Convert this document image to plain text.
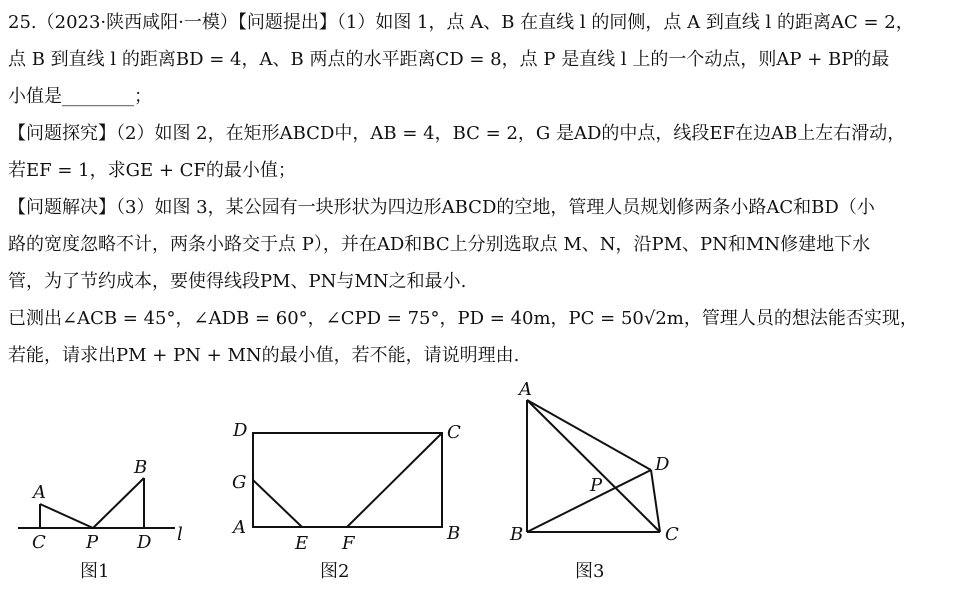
25.（2023·陕西咸阳·一模）【问题提出】（1）如图 1，点 A、B 在直线 l 的同侧，点 A 到直线 l 的距离AC = 2，
点 B 到直线 l 的距离BD = 4，A、B 两点的水平距离CD = 8，点 P 是直线 l 上的一个动点，则AP + BP的最
小值是________；
【问题探究】（2）如图 2，在矩形ABCD中，AB = 4，BC = 2，G 是AD的中点，线段EF在边AB上左右滑动，
若EF = 1，求GE + CF的最小值；
【问题解决】（3）如图 3，某公园有一块形状为四边形ABCD的空地，管理人员规划修两条小路AC和BD（小
路的宽度忽略不计，两条小路交于点 P），并在AD和BC上分别选取点 M、N，沿PM、PN和MN修建地下水
管，为了节约成本，要使得线段PM、PN与MN之和最小.
已测出∠ACB = 45°，∠ADB = 60°，∠CPD = 75°，PD = 40m，PC = 50√2m，管理人员的想法能否实现，
若能，请求出PM + PN + MN的最小值，若不能，请说明理由.
A
B
C P D l
图1
D	C
G
A
E F	B
图2
A
D
P
B	C
图3
